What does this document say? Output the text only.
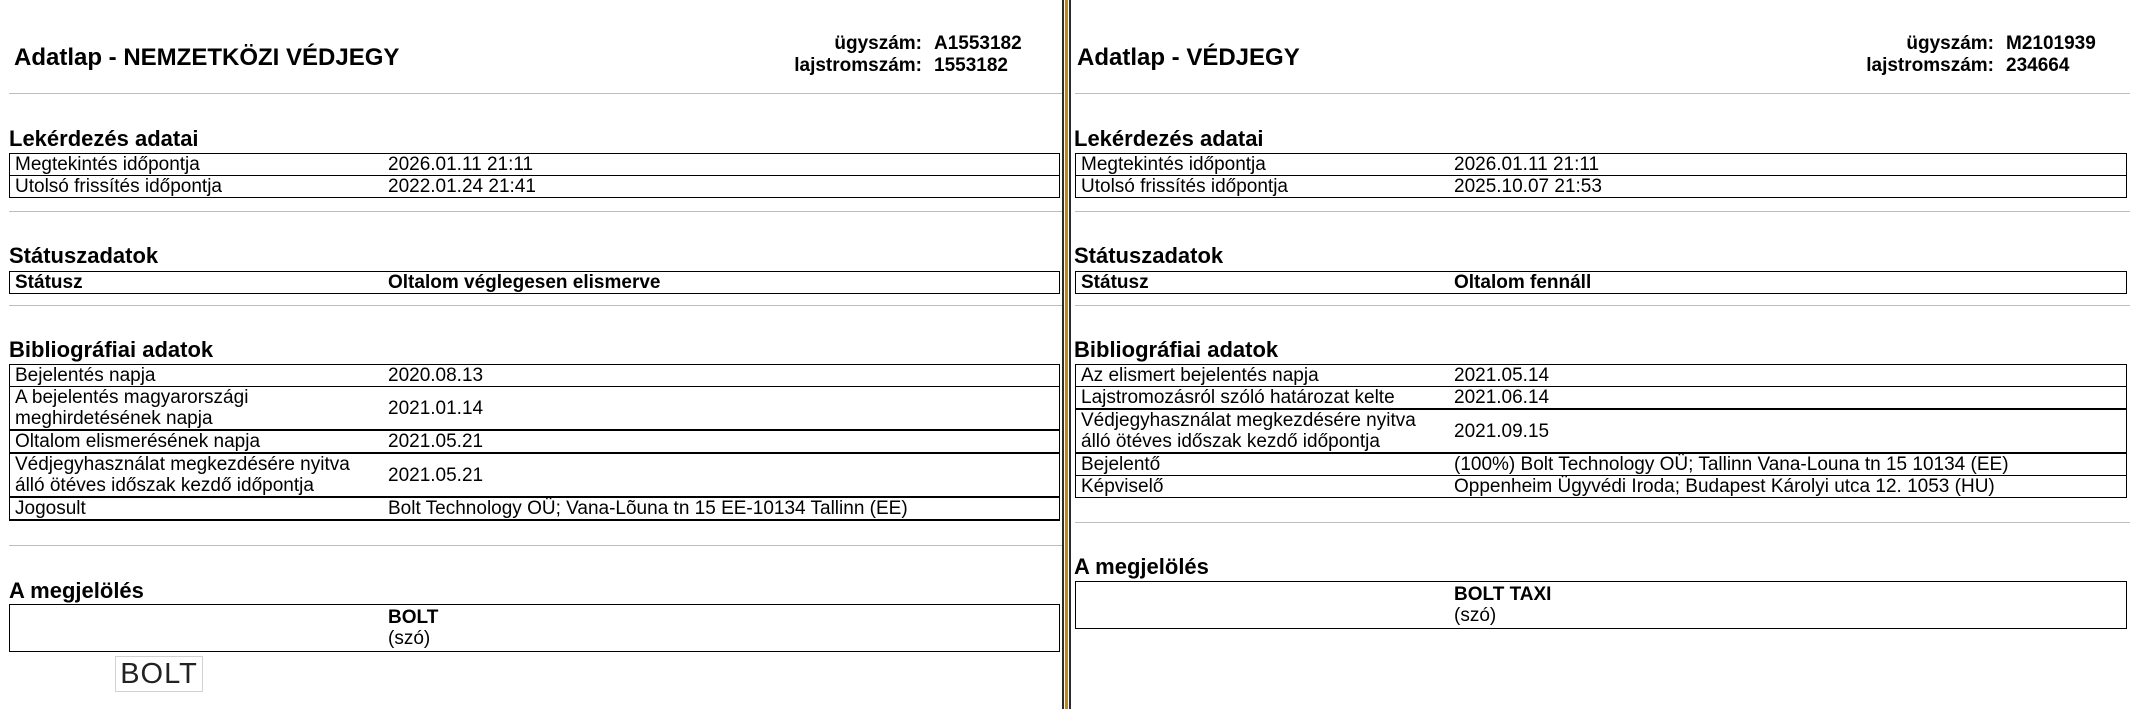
Adatlap - NEMZETKÖZI VÉDJEGY
ügyszám: A1553182
lajstromszám: 1553182
Lekérdezés adatai
Megtekintés időpontja	2026.01.11 21:11
Utolsó frissítés időpontja	2022.01.24 21:41
Státuszadatok
Státusz	Oltalom véglegesen elismerve
Bibliográfiai adatok
Bejelentés napja	2020.08.13
A bejelentés magyarországi meghirdetésének napja	2021.01.14
Oltalom elismerésének napja	2021.05.21
Védjegyhasználat megkezdésére nyitva álló ötéves időszak kezdő időpontja	2021.05.21
Jogosult	Bolt Technology OÜ; Vana-Lõuna tn 15 EE-10134 Tallinn (EE)
A megjelölés

BOLT
(szó)
BOLT
Adatlap - VÉDJEGY
ügyszám: M2101939
lajstromszám: 234664
Lekérdezés adatai
Megtekintés időpontja	2026.01.11 21:11
Utolsó frissítés időpontja	2025.10.07 21:53
Státuszadatok
Státusz	Oltalom fennáll
Bibliográfiai adatok
Az elismert bejelentés napja	2021.05.14
Lajstromozásról szóló határozat kelte	2021.06.14
Védjegyhasználat megkezdésére nyitva álló ötéves időszak kezdő időpontja	2021.09.15
Bejelentő	(100%) Bolt Technology OÜ; Tallinn Vana-Louna tn 15 10134 (EE)
Képviselő	Oppenheim Ügyvédi Iroda; Budapest Károlyi utca 12. 1053 (HU)
A megjelölés

BOLT TAXI
(szó)
